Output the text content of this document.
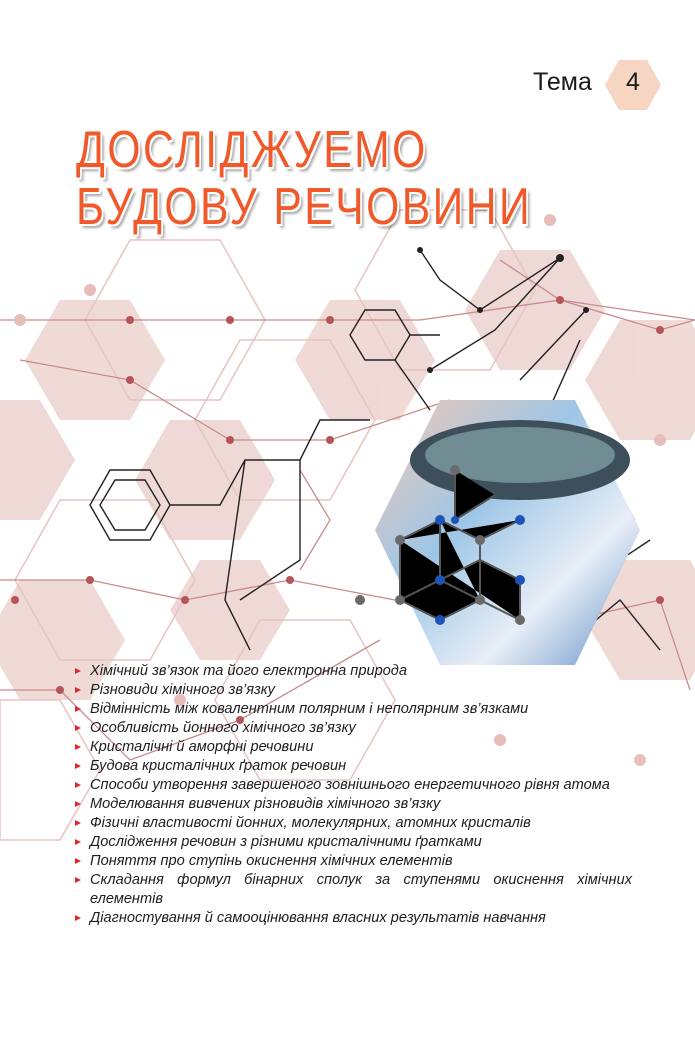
Тема	4
ДОСЛІДЖУЕМО
БУДОВУ РЕЧОВИНИ
Хімічний зв’язок та його електронна природа
Різновиди хімічного зв’язку
Відмінність між ковалентним полярним і неполярним зв’язками
Особливість йонного хімічного зв’язку
Кристалічні й аморфні речовини
Будова кристалічних ґраток речовин
Способи утворення завершеного зовнішнього енергетичного рівня атома
Моделювання вивчених різновидів хімічного зв’язку
Фізичні властивості йонних, молекулярних, атомних кристалів
Дослідження речовин з різними кристалічними ґратками
Поняття про ступінь окиснення хімічних елементів
Складання формул бінарних сполук за ступенями окиснення хімічних елементів
Діагностування й самооцінювання власних результатів навчання
